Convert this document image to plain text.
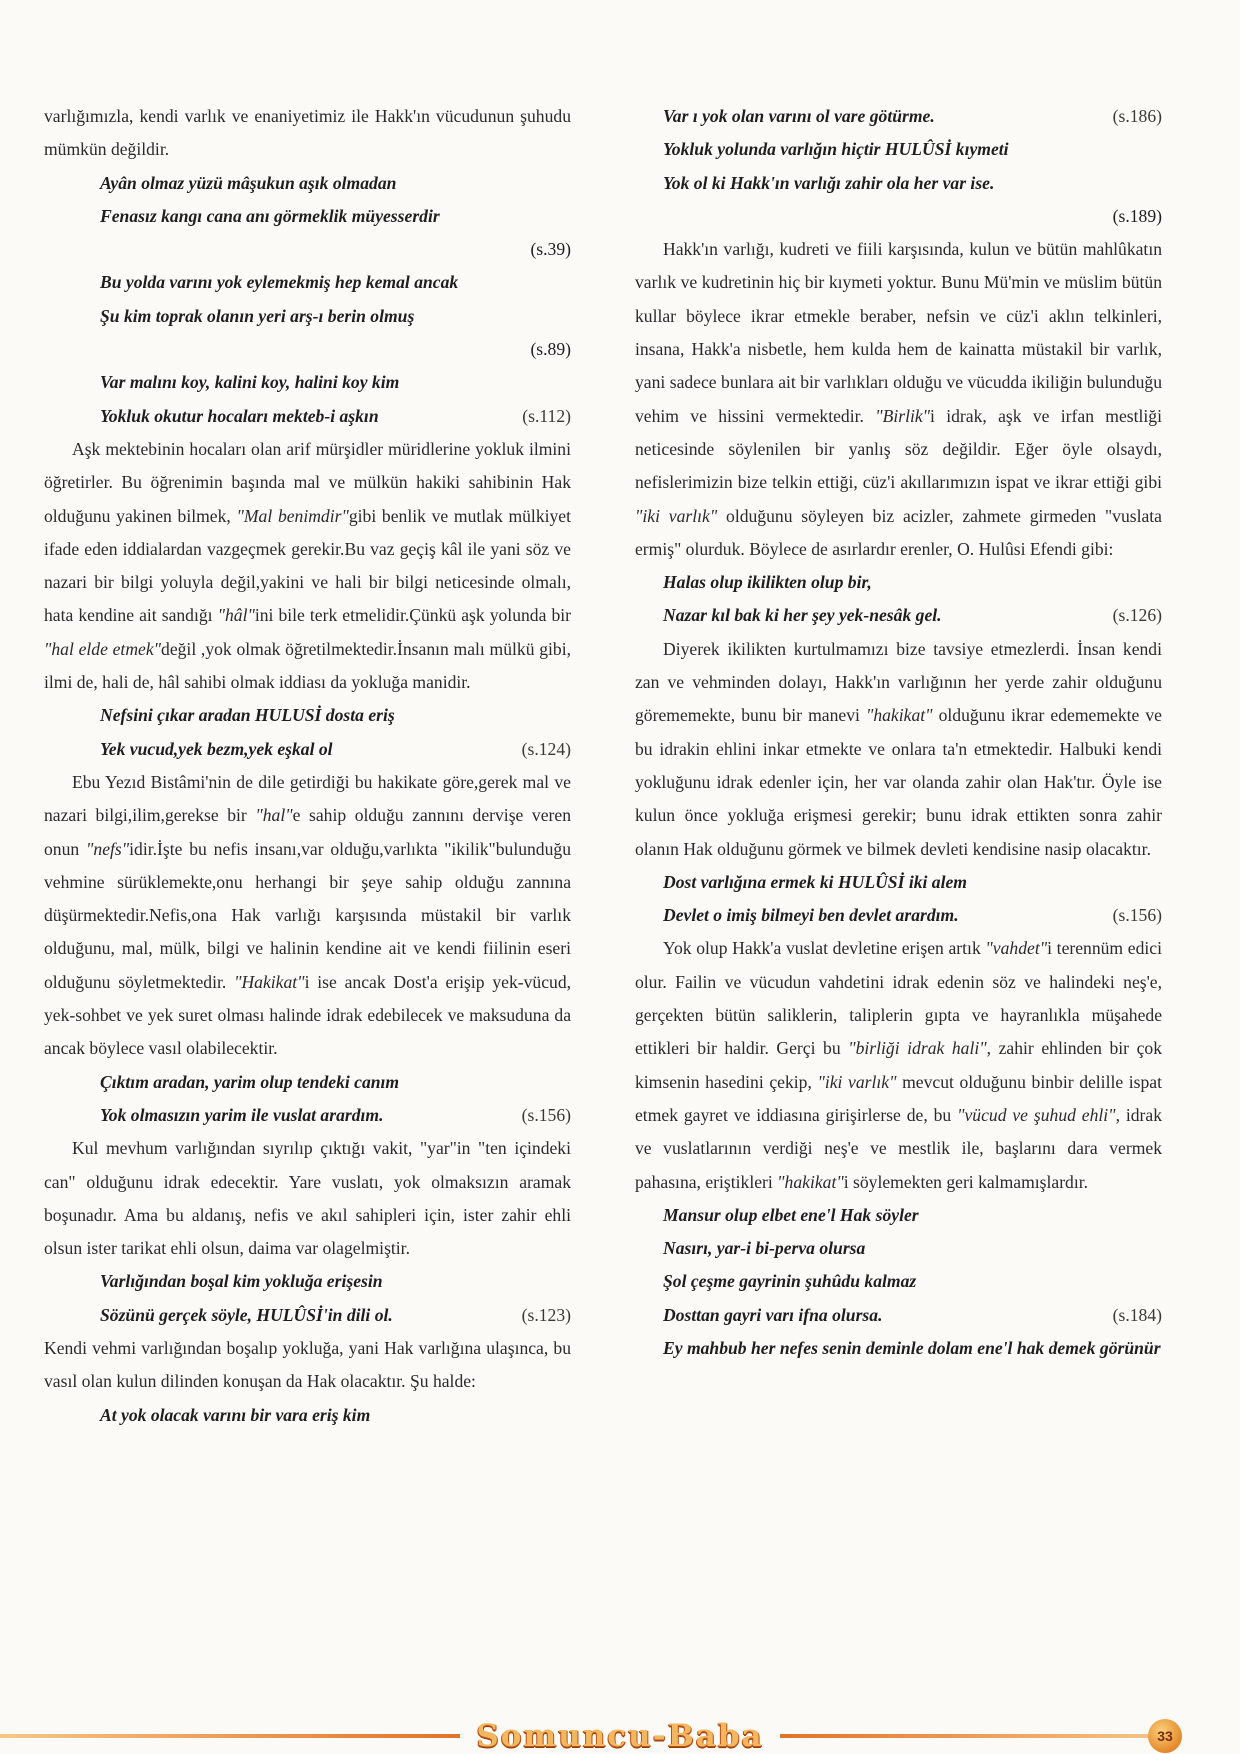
varlığımızla, kendi varlık ve enaniyetimiz ile Hakk'ın vücudunun şuhudu mümkün değildir.

Ayân olmaz yüzü mâşukun aşık olmadan
Fenasız kangı cana anı görmeklik müyesserdir
(s.39)
Bu yolda varını yok eylemekmiş hep kemal ancak
Şu kim toprak olanın yeri arş-ı berin olmuş
(s.89)
Var malını koy, kalini koy, halini koy kim
Yokluk okutur hocaları mekteb-i aşkın	(s.112)

Aşk mektebinin hocaları olan arif mürşidler müridlerine yokluk ilmini öğretirler. Bu öğrenimin başında mal ve mülkün hakiki sahibinin Hak olduğunu yakinen bilmek, "Mal benimdir"gibi benlik ve mutlak mülkiyet ifade eden iddialardan vazgeçmek gerekir.Bu vaz geçiş kâl ile yani söz ve nazari bir bilgi yoluyla değil,yakini ve hali bir bilgi neticesinde olmalı, hata kendine ait sandığı "hâl"ini bile terk etmelidir.Çünkü aşk yolunda bir "hal elde etmek"değil ,yok olmak öğretilmektedir.İnsanın malı mülkü gibi, ilmi de, hali de, hâl sahibi olmak iddiası da yokluğa manidir.

Nefsini çıkar aradan HULUSİ dosta eriş
Yek vucud,yek bezm,yek eşkal ol	(s.124)

Ebu Yezıd Bistâmi'nin de dile getirdiği bu hakikate göre,gerek mal ve nazari bilgi,ilim,gerekse bir "hal"e sahip olduğu zannını dervişe veren onun "nefs"idir.İşte bu nefis insanı,var olduğu,varlıkta "ikilik"bulunduğu vehmine sürüklemekte,onu herhangi bir şeye sahip olduğu zannına düşürmektedir.Nefis,ona Hak varlığı karşısında müstakil bir varlık olduğunu, mal, mülk, bilgi ve halinin kendine ait ve kendi fiilinin eseri olduğunu söyletmektedir. "Hakikat"i ise ancak Dost'a erişip yek-vücud, yek-sohbet ve yek suret olması halinde idrak edebilecek ve maksuduna da ancak böylece vasıl olabilecektir.

Çıktım aradan, yarim olup tendeki canım
Yok olmasızın yarim ile vuslat arardım.	(s.156)

Kul mevhum varlığından sıyrılıp çıktığı vakit, "yar"in "ten içindeki can" olduğunu idrak edecektir. Yare vuslatı, yok olmaksızın aramak boşunadır. Ama bu aldanış, nefis ve akıl sahipleri için, ister zahir ehli olsun ister tarikat ehli olsun, daima var olagelmiştir.

Varlığından boşal kim yokluğa erişesin
Sözünü gerçek söyle, HULÛSİ'in dili ol.	(s.123)

Kendi vehmi varlığından boşalıp yokluğa, yani Hak varlığına ulaşınca, bu vasıl olan kulun dilinden konuşan da Hak olacaktır. Şu halde:

At yok olacak varını bir vara eriş kim
Var ı yok olan varını ol vare götürme.	(s.186)
Yokluk yolunda varlığın hiçtir HULÛSİ kıymeti
Yok ol ki Hakk'ın varlığı zahir ola her var ise.
(s.189)

Hakk'ın varlığı, kudreti ve fiili karşısında, kulun ve bütün mahlûkatın varlık ve kudretinin hiç bir kıymeti yoktur. Bunu Mü'min ve müslim bütün kullar böylece ikrar etmekle beraber, nefsin ve cüz'i aklın telkinleri, insana, Hakk'a nisbetle, hem kulda hem de kainatta müstakil bir varlık, yani sadece bunlara ait bir varlıkları olduğu ve vücudda ikiliğin bulunduğu vehim ve hissini vermektedir. "Birlik"i idrak, aşk ve irfan mestliği neticesinde söylenilen bir yanlış söz değildir. Eğer öyle olsaydı, nefislerimizin bize telkin ettiği, cüz'i akıllarımızın ispat ve ikrar ettiği gibi "iki varlık" olduğunu söyleyen biz acizler, zahmete girmeden "vuslata ermiş" olurduk. Böylece de asırlardır erenler, O. Hulûsi Efendi gibi:

Halas olup ikilikten olup bir,
Nazar kıl bak ki her şey yek-nesâk gel.	(s.126)

Diyerek ikilikten kurtulmamızı bize tavsiye etmezlerdi. İnsan kendi zan ve vehminden dolayı, Hakk'ın varlığının her yerde zahir olduğunu görememekte, bunu bir manevi "hakikat" olduğunu ikrar edememekte ve bu idrakin ehlini inkar etmekte ve onlara ta'n etmektedir. Halbuki kendi yokluğunu idrak edenler için, her var olanda zahir olan Hak'tır. Öyle ise kulun önce yokluğa erişmesi gerekir; bunu idrak ettikten sonra zahir olanın Hak olduğunu görmek ve bilmek devleti kendisine nasip olacaktır.

Dost varlığına ermek ki HULÛSİ iki alem
Devlet o imiş bilmeyi ben devlet arardım.	(s.156)

Yok olup Hakk'a vuslat devletine erişen artık "vahdet"i terennüm edici olur. Failin ve vücudun vahdetini idrak edenin söz ve halindeki neş'e, gerçekten bütün saliklerin, taliplerin gıpta ve hayranlıkla müşahede ettikleri bir haldir. Gerçi bu "birliği idrak hali", zahir ehlinden bir çok kimsenin hasedini çekip, "iki varlık" mevcut olduğunu binbir delille ispat etmek gayret ve iddiasına girişirlerse de, bu "vücud ve şuhud ehli", idrak ve vuslatlarının verdiği neş'e ve mestlik ile, başlarını dara vermek pahasına, eriştikleri "hakikat"i söylemekten geri kalmamışlardır.

Mansur olup elbet ene'l Hak söyler
Nasırı, yar-i bi-perva olursa
Şol çeşme gayrinin şuhûdu kalmaz
Dosttan gayri varı ifna olursa.	(s.184)
Ey mahbub her nefes senin deminle dolam ene'l hak demek görünür
Somuncu-Baba	33
